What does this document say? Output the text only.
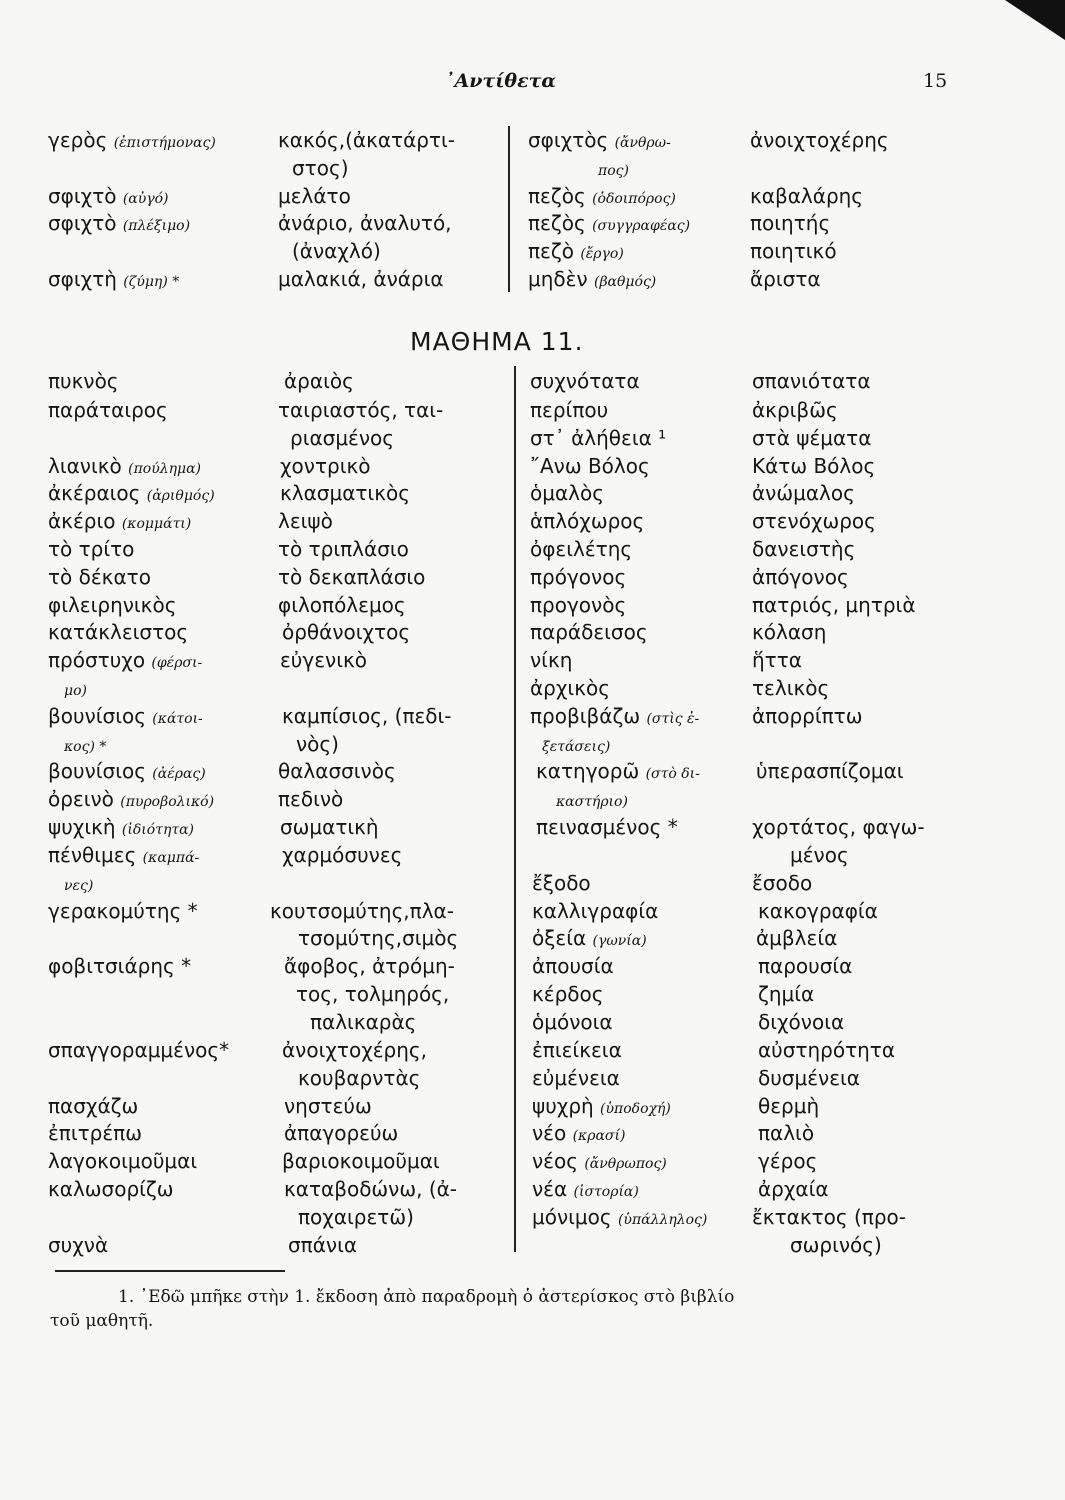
᾽Αντίθετα	15
γερὸς (ἐπιστήμονας)
σφιχτὸ (αὐγό)
σφιχτὸ (πλέξιμο)
σφιχτὴ (ζύμη) *
κακός,(ἀκατάρτι-
στος)
μελάτο
ἀνάριο, ἀναλυτό,
(ἀναχλό)
μαλακιά, ἀνάρια
σφιχτὸς (ἄνθρω-
πος)
πεζὸς (ὁδοιπόρος)
πεζὸς (συγγραφέας)
πεζὸ (ἔργο)
μηδὲν (βαθμός)
ἀνοιχτοχέρης
καβαλάρης
ποιητής
ποιητικό
ἄριστα
ΜΑΘΗΜΑ 11.
πυκνὸς
παράταιρος
λιανικὸ (πούλημα)
ἀκέραιος (ἀριθμός)
ἀκέριο (κομμάτι)
τὸ τρίτο
τὸ δέκατο
φιλειρηνικὸς
κατάκλειστος
πρόστυχο (φέρσι-
μο)
βουνίσιος (κάτοι-
κος) *
βουνίσιος (ἀέρας)
ὀρεινὸ (πυροβολικό)
ψυχικὴ (ἰδιότητα)
πένθιμες (καμπά-
νες)
γερακομύτης *
φοβιτσιάρης *
σπαγγοραμμένος*
πασχάζω
ἐπιτρέπω
λαγοκοιμοῦμαι
καλωσορίζω
συχνὰ
ἀραιὸς
ταιριαστός, ται-
ριασμένος
χοντρικὸ
κλασματικὸς
λειψὸ
τὸ τριπλάσιο
τὸ δεκαπλάσιο
φιλοπόλεμος
ὀρθάνοιχτος
εὐγενικὸ
καμπίσιος, (πεδι-
νὸς)
θαλασσινὸς
πεδινὸ
σωματικὴ
χαρμόσυνες
κουτσομύτης,πλα-
τσομύτης,σιμὸς
ἄφοβος, ἀτρόμη-
τος, τολμηρός,
παλικαρὰς
ἀνοιχτοχέρης,
κουβαρντὰς
νηστεύω
ἀπαγορεύω
βαριοκοιμοῦμαι
καταβοδώνω, (ἀ-
ποχαιρετῶ)
σπάνια
συχνότατα
περίπου
στ᾽ ἀλήθεια ¹
῎Ανω Βόλος
ὁμαλὸς
ἁπλόχωρος
ὀφειλέτης
πρόγονος
προγονὸς
παράδεισος
νίκη
ἀρχικὸς
προβιβάζω (στὶς ἐ-
ξετάσεις)
κατηγορῶ (στὸ δι-
καστήριο)
πεινασμένος *
ἔξοδο
καλλιγραφία
ὀξεία (γωνία)
ἀπουσία
κέρδος
ὁμόνοια
ἐπιείκεια
εὐμένεια
ψυχρὴ (ὑποδοχή)
νέο (κρασί)
νέος (ἄνθρωπος)
νέα (ἱστορία)
μόνιμος (ὑπάλληλος)
σπανιότατα
ἀκριβῶς
στὰ ψέματα
Κάτω Βόλος
ἀνώμαλος
στενόχωρος
δανειστὴς
ἀπόγονος
πατριός, μητριὰ
κόλαση
ἥττα
τελικὸς
ἀπορρίπτω
ὑπερασπίζομαι
χορτάτος, φαγω-
μένος
ἔσοδο
κακογραφία
ἀμβλεία
παρουσία
ζημία
διχόνοια
αὐστηρότητα
δυσμένεια
θερμὴ
παλιὸ
γέρος
ἀρχαία
ἔκτακτος (προ-
σωρινός)
1. ᾽Εδῶ μπῆκε στὴν 1. ἔκδοση ἀπὸ παραδρομὴ ὁ ἀστερίσκος στὸ βιβλίο
τοῦ μαθητῆ.
